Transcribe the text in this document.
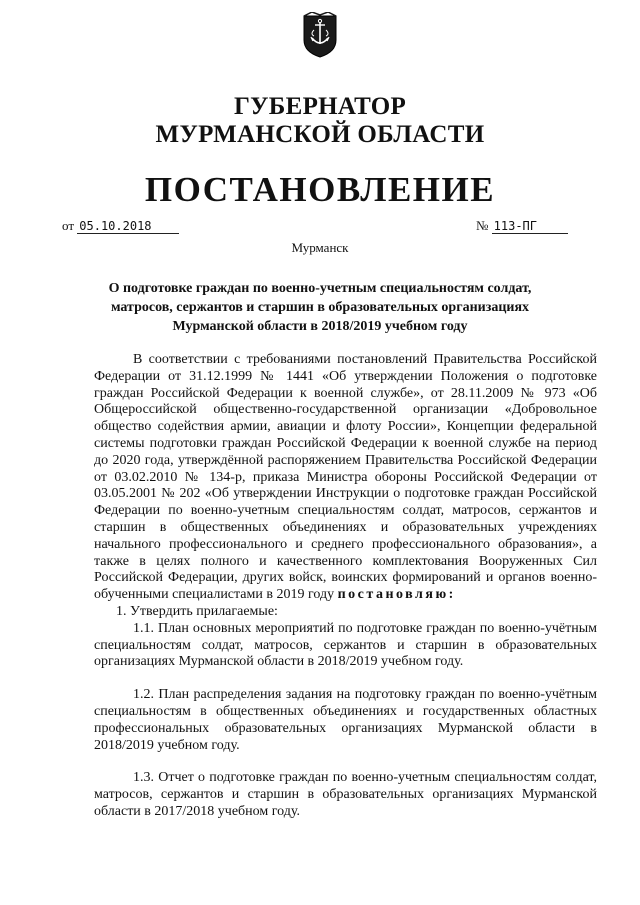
ГУБЕРНАТОР
МУРМАНСКОЙ ОБЛАСТИ
ПОСТАНОВЛЕНИЕ
от 05.10.2018	№ 113-ПГ
Мурманск
О подготовке граждан по военно-учетным специальностям солдат, матросов, сержантов и старшин в образовательных организациях Мурманской области в 2018/2019 учебном году

В соответствии с требованиями постановлений Правительства Российской Федерации от 31.12.1999 № 1441 «Об утверждении Положения о подготовке граждан Российской Федерации к военной службе», от 28.11.2009 № 973 «Об Общероссийской общественно-государственной организации «Добровольное общество содействия армии, авиации и флоту России», Концепции федеральной системы подготовки граждан Российской Федерации к военной службе на период до 2020 года, утверждённой распоряжением Правительства Российской Федерации от 03.02.2010 № 134-р, приказа Министра обороны Российской Федерации от 03.05.2001 № 202 «Об утверждении Инструкции о подготовке граждан Российской Федерации по военно-учетным специальностям солдат, матросов, сержантов и старшин в общественных объединениях и образовательных учреждениях начального профессионального и среднего профессионального образования», а также в целях полного и качественного комплектования Вооруженных Сил Российской Федерации, других войск, воинских формирований и органов военно-обученными специалистами в 2019 году постановляю:

1. Утвердить прилагаемые:

1.1. План основных мероприятий по подготовке граждан по военно-учётным специальностям солдат, матросов, сержантов и старшин в образовательных организациях Мурманской области в 2018/2019 учебном году.

1.2. План распределения задания на подготовку граждан по военно-учётным специальностям в общественных объединениях и государственных областных профессиональных образовательных организациях Мурманской области в 2018/2019 учебном году.

1.3. Отчет о подготовке граждан по военно-учетным специальностям солдат, матросов, сержантов и старшин в образовательных организациях Мурманской области в 2017/2018 учебном году.
